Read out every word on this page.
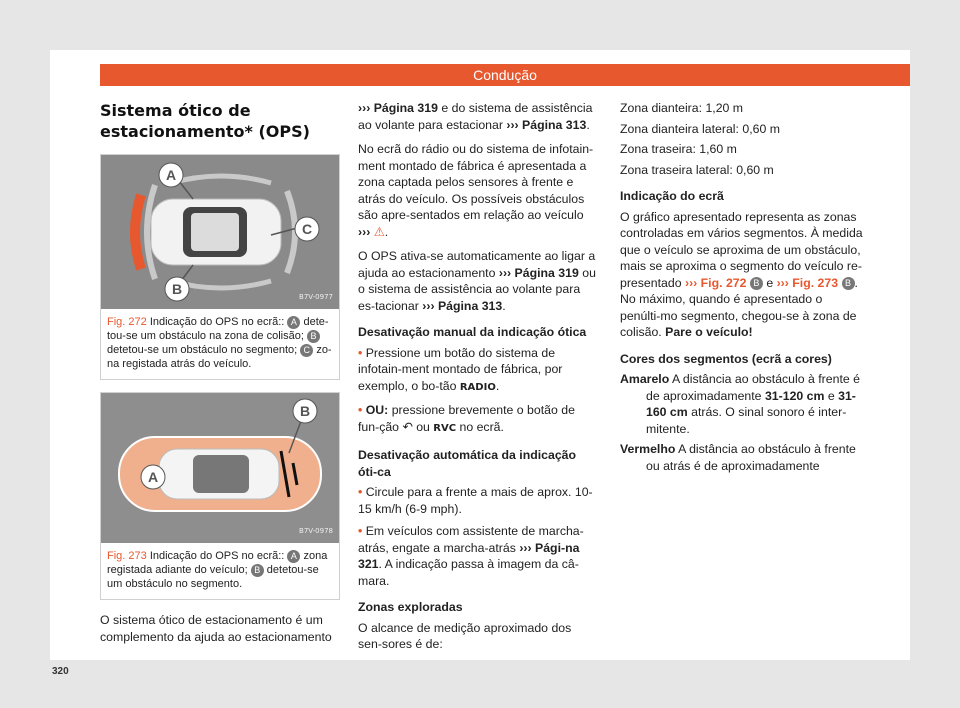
Condução
Sistema ótico de estacionamento* (OPS)
A
C
B	B7V-0977
Fig. 272 Indicação do OPS no ecrã:: A dete-tou-se um obstáculo na zona de colisão; B detetou-se um obstáculo no segmento; C zo-na registada atrás do veículo.
B
A
B7V-0978
Fig. 273 Indicação do OPS no ecrã:: A zona registada adiante do veículo; B detetou-se um obstáculo no segmento.

O sistema ótico de estacionamento é um complemento da ajuda ao estacionamento

››› Página 319 e do sistema de assistência ao volante para estacionar ››› Página 313.

No ecrã do rádio ou do sistema de infotain-ment montado de fábrica é apresentada a zona captada pelos sensores à frente e atrás do veículo. Os possíveis obstáculos são apre-sentados em relação ao veículo ››› ⚠.

O OPS ativa-se automaticamente ao ligar a ajuda ao estacionamento ››› Página 319 ou o sistema de assistência ao volante para es-tacionar ››› Página 313.

Desativação manual da indicação ótica

• Pressione um botão do sistema de infotain-ment montado de fábrica, por exemplo, o bo-tão RADIO.

• OU: pressione brevemente o botão de fun-ção ↶ ou RVC no ecrã.

Desativação automática da indicação óti-ca

• Circule para a frente a mais de aprox. 10-15 km/h (6-9 mph).

• Em veículos com assistente de marcha-atrás, engate a marcha-atrás ››› Pági-na 321. A indicação passa à imagem da câ-mara.

Zonas exploradas

O alcance de medição aproximado dos sen-sores é de:

Zona dianteira: 1,20 m

Zona dianteira lateral: 0,60 m

Zona traseira: 1,60 m

Zona traseira lateral: 0,60 m

Indicação do ecrã

O gráfico apresentado representa as zonas controladas em vários segmentos. À medida que o veículo se aproxima de um obstáculo, mais se aproxima o segmento do veículo re-presentado ››› Fig. 272 B e ››› Fig. 273 B . No máximo, quando é apresentado o penúlti-mo segmento, chegou-se à zona de colisão. Pare o veículo!

Cores dos segmentos (ecrã a cores)

Amarelo A distância ao obstáculo à frente é de aproximadamente 31-120 cm e 31-160 cm atrás. O sinal sonoro é inter-mitente.

Vermelho A distância ao obstáculo à frente ou atrás é de aproximadamente

320
